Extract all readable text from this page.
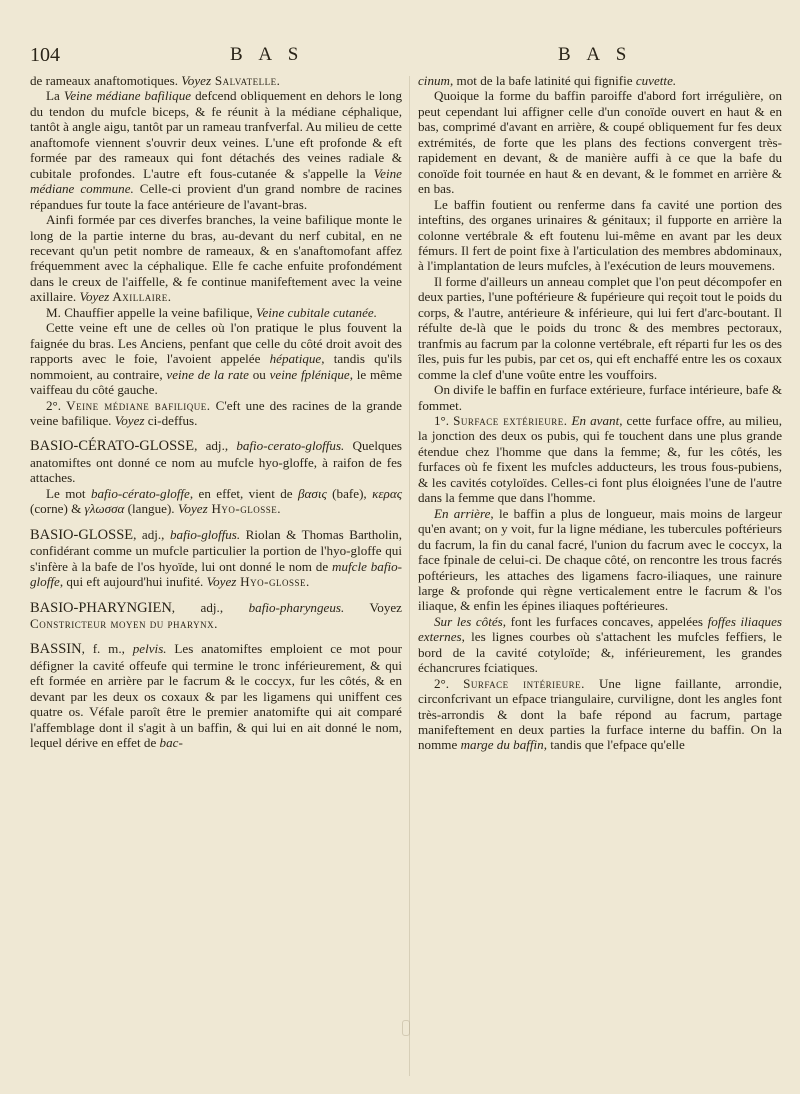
104	B A S	B A S

de rameaux anaftomotiques. Voyez Salvatelle.

La Veine médiane bafilique defcend obliquement en dehors le long du tendon du mufcle biceps, & fe réunit à la médiane céphalique, tantôt à angle aigu, tantôt par un rameau tranfverfal. Au milieu de cette anaftomofe viennent s'ouvrir deux veines. L'une eft profonde & eft formée par des rameaux qui font détachés des veines radiale & cubitale profondes. L'autre eft fous-cutanée & s'appelle la Veine médiane commune. Celle-ci provient d'un grand nombre de racines répandues fur toute la face antérieure de l'avant-bras.

Ainfi formée par ces diverfes branches, la veine bafilique monte le long de la partie interne du bras, au-devant du nerf cubital, en ne recevant qu'un petit nombre de rameaux, & en s'anaftomofant affez fréquemment avec la céphalique. Elle fe cache enfuite profondément dans le creux de l'aiffelle, & fe continue manifeftement avec la veine axillaire. Voyez Axillaire.

M. Chauffier appelle la veine bafilique, Veine cubitale cutanée.

Cette veine eft une de celles où l'on pratique le plus fouvent la faignée du bras. Les Anciens, penfant que celle du côté droit avoit des rapports avec le foie, l'avoient appelée hépatique, tandis qu'ils nommoient, au contraire, veine de la rate ou veine fplénique, le même vaiffeau du côté gauche.

2°. Veine médiane bafilique. C'eft une des racines de la grande veine bafilique. Voyez ci-deffus.

BASIO-CÉRATO-GLOSSE, adj., bafio-cerato-gloffus. Quelques anatomiftes ont donné ce nom au mufcle hyo-gloffe, à raifon de fes attaches.

Le mot bafio-cérato-gloffe, en effet, vient de βασις (bafe), κερας (corne) & γλωσσα (langue). Voyez Hyo-glosse.

BASIO-GLOSSE, adj., bafio-gloffus. Riolan & Thomas Bartholin, confidérant comme un mufcle particulier la portion de l'hyo-gloffe qui s'infère à la bafe de l'os hyoïde, lui ont donné le nom de mufcle bafio-gloffe, qui eft aujourd'hui inufité. Voyez Hyo-glosse.

BASIO-PHARYNGIEN, adj., bafio-pharyngeus. Voyez Constricteur moyen du pharynx.

BASSIN, f. m., pelvis. Les anatomiftes emploient ce mot pour défigner la cavité offeufe qui termine le tronc inférieurement, & qui eft formée en arrière par le facrum & le coccyx, fur les côtés, & en devant par les deux os coxaux & par les ligamens qui uniffent ces quatre os. Véfale paroît être le premier anatomifte qui ait comparé l'affemblage dont il s'agit à un baffin, & qui lui en ait donné le nom, lequel dérive en effet de bac-

cinum, mot de la bafe latinité qui fignifie cuvette.

Quoique la forme du baffin paroiffe d'abord fort irrégulière, on peut cependant lui affigner celle d'un conoïde ouvert en haut & en bas, comprimé d'avant en arrière, & coupé obliquement fur fes deux extrémités, de forte que les plans des fections convergent très-rapidement en devant, & de manière auffi à ce que la bafe du conoïde foit tournée en haut & en devant, & le fommet en arrière & en bas.

Le baffin foutient ou renferme dans fa cavité une portion des inteftins, des organes urinaires & génitaux; il fupporte en arrière la colonne vertébrale & eft foutenu lui-même en avant par les deux fémurs. Il fert de point fixe à l'articulation des membres abdominaux, à l'implantation de leurs mufcles, à l'exécution de leurs mouvemens.

Il forme d'ailleurs un anneau complet que l'on peut décompofer en deux parties, l'une poftérieure & fupérieure qui reçoit tout le poids du corps, & l'autre, antérieure & inférieure, qui lui fert d'arc-boutant. Il réfulte de-là que le poids du tronc & des membres pectoraux, tranfmis au facrum par la colonne vertébrale, eft réparti fur les os des îles, puis fur les pubis, par cet os, qui eft enchaffé entre les os coxaux comme la clef d'une voûte entre les vouffoirs.

On divife le baffin en furface extérieure, furface intérieure, bafe & fommet.

1°. Surface extérieure. En avant, cette furface offre, au milieu, la jonction des deux os pubis, qui fe touchent dans une plus grande étendue chez l'homme que dans la femme; &, fur les côtés, les furfaces où fe fixent les mufcles adducteurs, les trous fous-pubiens, & les cavités cotyloïdes. Celles-ci font plus éloignées l'une de l'autre dans la femme que dans l'homme.

En arrière, le baffin a plus de longueur, mais moins de largeur qu'en avant; on y voit, fur la ligne médiane, les tubercules poftérieurs du facrum, la fin du canal facré, l'union du facrum avec le coccyx, la face fpinale de celui-ci. De chaque côté, on rencontre les trous facrés poftérieurs, les attaches des ligamens facro-iliaques, une rainure large & profonde qui règne verticalement entre le facrum & l'os iliaque, & enfin les épines iliaques poftérieures.

Sur les côtés, font les furfaces concaves, appelées foffes iliaques externes, les lignes courbes où s'attachent les mufcles feffiers, le bord de la cavité cotyloïde; &, inférieurement, les grandes échancrures fciatiques.

2°. Surface intérieure. Une ligne faillante, arrondie, circonfcrivant un efpace triangulaire, curviligne, dont les angles font très-arrondis & dont la bafe répond au facrum, partage manifeftement en deux parties la furface interne du baffin. On la nomme marge du baffin, tandis que l'efpace qu'elle
